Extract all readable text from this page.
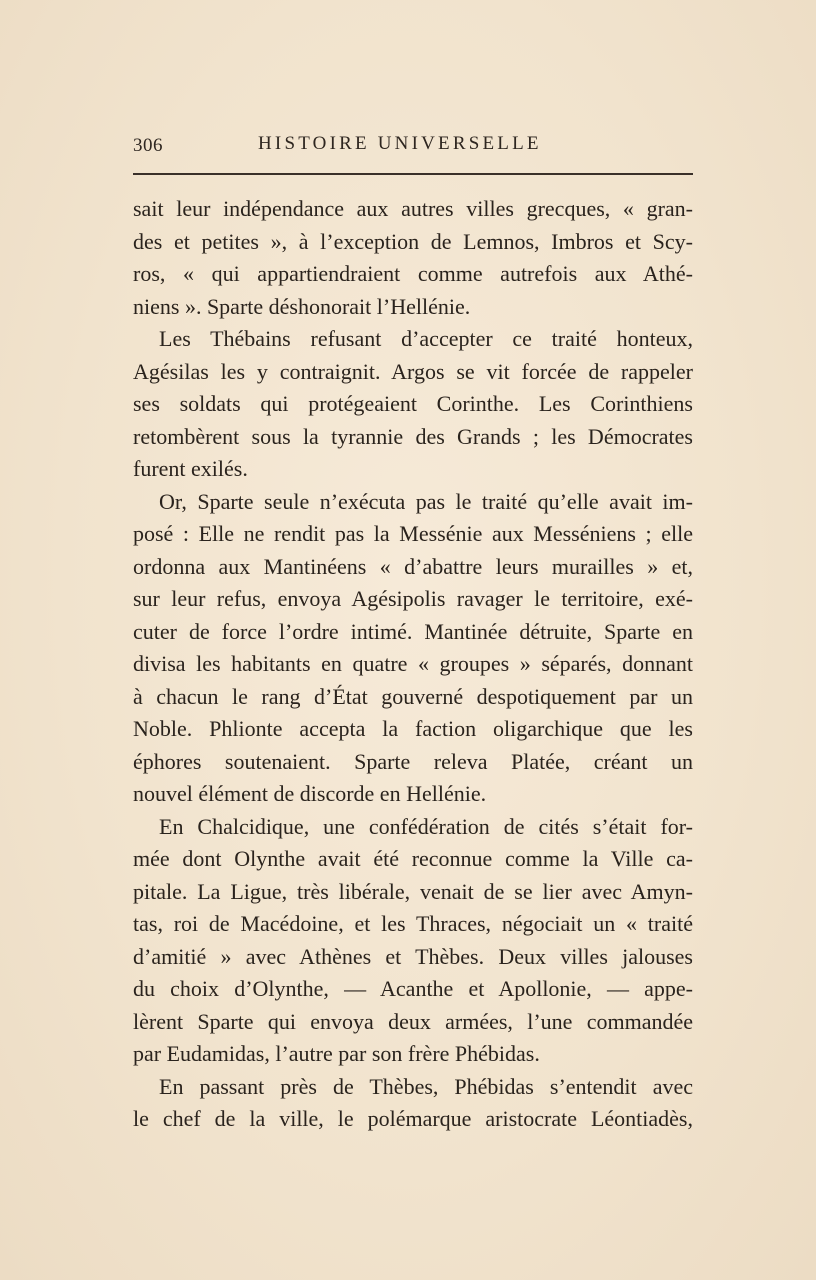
306	HISTOIRE UNIVERSELLE
sait leur indépendance aux autres villes grecques, « gran-
des et petites », à l’exception de Lemnos, Imbros et Scy-
ros, « qui appartiendraient comme autrefois aux Athé-
niens ». Sparte déshonorait l’Hellénie.
Les Thébains refusant d’accepter ce traité honteux,
Agésilas les y contraignit. Argos se vit forcée de rappeler
ses soldats qui protégeaient Corinthe. Les Corinthiens
retombèrent sous la tyrannie des Grands ; les Démocrates
furent exilés.
Or, Sparte seule n’exécuta pas le traité qu’elle avait im-
posé : Elle ne rendit pas la Messénie aux Messéniens ; elle
ordonna aux Mantinéens « d’abattre leurs murailles » et,
sur leur refus, envoya Agésipolis ravager le territoire, exé-
cuter de force l’ordre intimé. Mantinée détruite, Sparte en
divisa les habitants en quatre « groupes » séparés, donnant
à chacun le rang d’État gouverné despotiquement par un
Noble. Phlionte accepta la faction oligarchique que les
éphores soutenaient. Sparte releva Platée, créant un
nouvel élément de discorde en Hellénie.
En Chalcidique, une confédération de cités s’était for-
mée dont Olynthe avait été reconnue comme la Ville ca-
pitale. La Ligue, très libérale, venait de se lier avec Amyn-
tas, roi de Macédoine, et les Thraces, négociait un « traité
d’amitié » avec Athènes et Thèbes. Deux villes jalouses
du choix d’Olynthe, — Acanthe et Apollonie, — appe-
lèrent Sparte qui envoya deux armées, l’une commandée
par Eudamidas, l’autre par son frère Phébidas.
En passant près de Thèbes, Phébidas s’entendit avec
le chef de la ville, le polémarque aristocrate Léontiadès,
